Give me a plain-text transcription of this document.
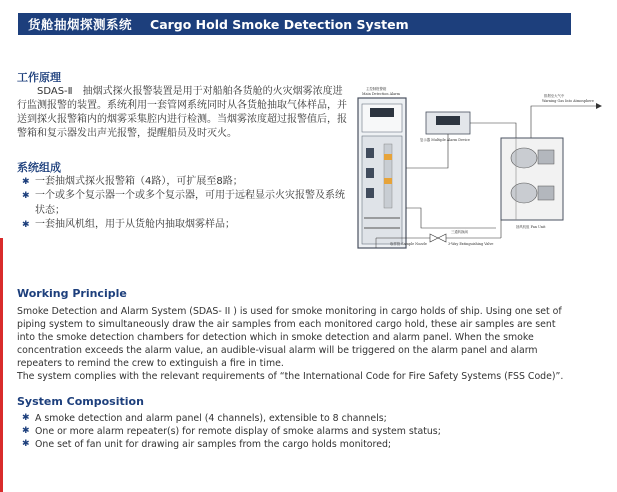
货舱抽烟探测系统 Cargo Hold Smoke Detection System
工作原理
SDAS-Ⅱ　抽烟式探火报警装置是用于对船舶各货舱的火灾烟雾浓度进行监测报警的装置。系统利用一套管网系统同时从各货舱抽取气体样品，并送到探火报警箱内的烟雾采集腔内进行检测。当烟雾浓度超过报警值后，报警箱和复示器发出声光报警，提醒船员及时灭火。
系统组成
✱ 一套抽烟式探火报警箱（4路），可扩展至8路；
✱ 一个或多个复示器一个或多个复示器，可用于远程显示火灾报警及系统状态；
✱ 一套抽风机组，用于从货舱内抽取烟雾样品；
主控制报警箱
Main Detection Alarm
复示器 Multiple Alarm Device
排烟至大气中
Warning Gas Into Atmosphere
抽风机组 Fan Unit
取样管 Sample Nozzle
三通转换阀
3-Way Extinguishing Valve
Working Principle
Smoke Detection and Alarm System (SDAS- II ) is used for smoke monitoring in cargo holds of ship. Using one set of
piping system to simultaneously draw the air samples from each monitored cargo hold, these air samples are sent
into the smoke detection chambers for detection which in smoke detection and alarm panel. When the smoke
concentration exceeds the alarm value, an audible-visual alarm will be triggered on the alarm panel and alarm
repeaters to remind the crew to extinguish a fire in time.
The system complies with the relevant requirements of “the International Code for Fire Safety Systems (FSS Code)”.
System Composition
✱ A smoke detection and alarm panel (4 channels), extensible to 8 channels;
✱ One or more alarm repeater(s) for remote display of smoke alarms and system status;
✱ One set of fan unit for drawing air samples from the cargo holds monitored;
